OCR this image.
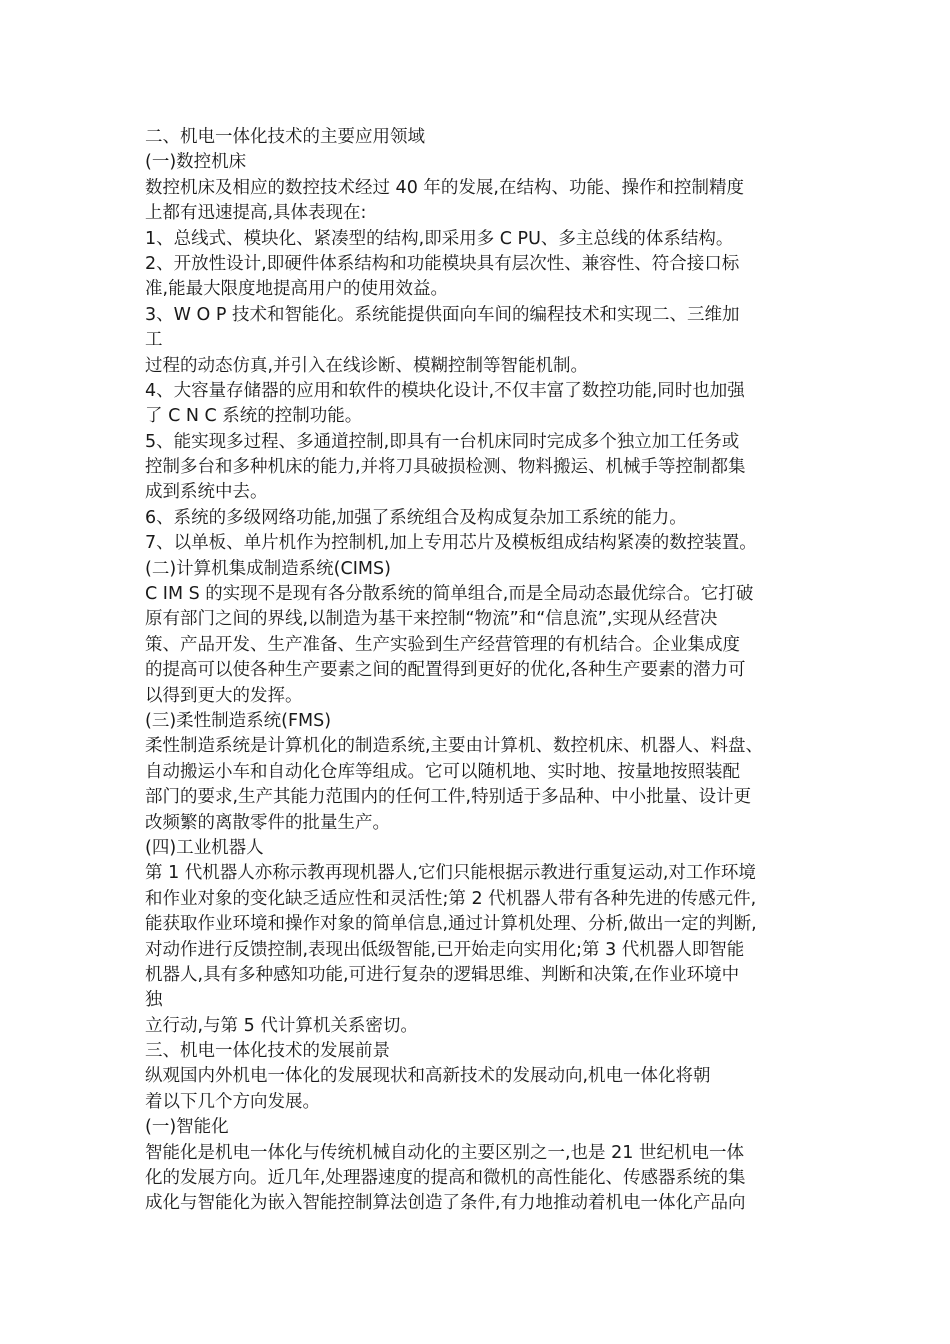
二、机电一体化技术的主要应用领域
(一)数控机床
数控机床及相应的数控技术经过 40 年的发展,在结构、功能、操作和控制精度
上都有迅速提高,具体表现在:
1、总线式、模块化、紧凑型的结构,即采用多 C PU、多主总线的体系结构。
2、开放性设计,即硬件体系结构和功能模块具有层次性、兼容性、符合接口标
准,能最大限度地提高用户的使用效益。
3、W O P 技术和智能化。系统能提供面向车间的编程技术和实现二、三维加
工
过程的动态仿真,并引入在线诊断、模糊控制等智能机制。
4、大容量存储器的应用和软件的模块化设计,不仅丰富了数控功能,同时也加强
了 C N C 系统的控制功能。
5、能实现多过程、多通道控制,即具有一台机床同时完成多个独立加工任务或
控制多台和多种机床的能力,并将刀具破损检测、物料搬运、机械手等控制都集
成到系统中去。
6、系统的多级网络功能,加强了系统组合及构成复杂加工系统的能力。
7、以单板、单片机作为控制机,加上专用芯片及模板组成结构紧凑的数控装置。
(二)计算机集成制造系统(CIMS)
C IM S 的实现不是现有各分散系统的简单组合,而是全局动态最优综合。它打破
原有部门之间的界线,以制造为基干来控制“物流”和“信息流”,实现从经营决
策、产品开发、生产准备、生产实验到生产经营管理的有机结合。企业集成度
的提高可以使各种生产要素之间的配置得到更好的优化,各种生产要素的潜力可
以得到更大的发挥。
(三)柔性制造系统(FMS)
柔性制造系统是计算机化的制造系统,主要由计算机、数控机床、机器人、料盘、
自动搬运小车和自动化仓库等组成。它可以随机地、实时地、按量地按照装配
部门的要求,生产其能力范围内的任何工件,特别适于多品种、中小批量、设计更
改频繁的离散零件的批量生产。
(四)工业机器人
第 1 代机器人亦称示教再现机器人,它们只能根据示教进行重复运动,对工作环境
和作业对象的变化缺乏适应性和灵活性;第 2 代机器人带有各种先进的传感元件,
能获取作业环境和操作对象的简单信息,通过计算机处理、分析,做出一定的判断,
对动作进行反馈控制,表现出低级智能,已开始走向实用化;第 3 代机器人即智能
机器人,具有多种感知功能,可进行复杂的逻辑思维、判断和决策,在作业环境中
独
立行动,与第 5 代计算机关系密切。
三、机电一体化技术的发展前景
纵观国内外机电一体化的发展现状和高新技术的发展动向,机电一体化将朝
着以下几个方向发展。
(一)智能化
智能化是机电一体化与传统机械自动化的主要区别之一,也是 21 世纪机电一体
化的发展方向。近几年,处理器速度的提高和微机的高性能化、传感器系统的集
成化与智能化为嵌入智能控制算法创造了条件,有力地推动着机电一体化产品向
